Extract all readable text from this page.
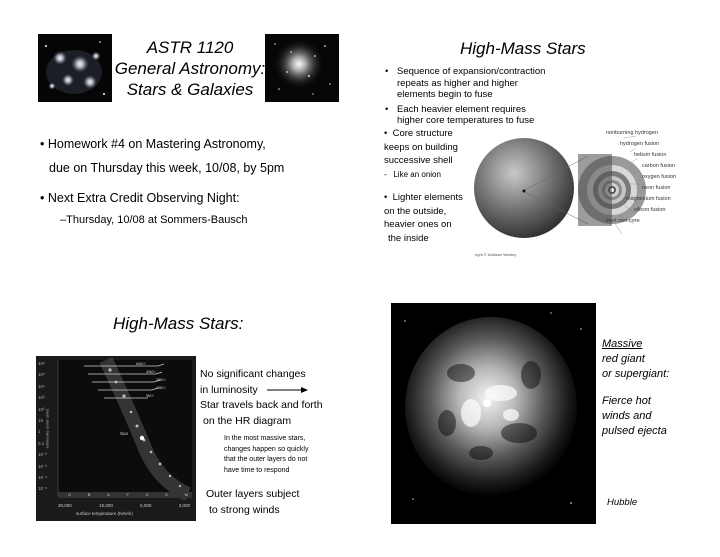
ASTR 1120
General Astronomy:
Stars & Galaxies
• Homework #4 on Mastering Astronomy,
due on Thursday this week, 10/08, by 5pm
• Next Extra Credit Observing Night:
–Thursday, 10/08 at Sommers-Bausch
High-Mass Stars
• Sequence of expansion/contraction
repeats as higher and higher
elements begin to fuse
• Each heavier element requires
higher core temperatures to fuse
•  Core structure
keeps on building
successive shell
-   Like an onion
•  Lighter elements
on the outside,
heavier ones on
the inside
nonburning hydrogen
hydrogen fusion
helium fusion
carbon fusion
oxygen fusion
neon fusion
magnesium fusion
silicon fusion
inert iron core
right © Addison Wesley
High-Mass Stars:
10⁶
10⁵
10⁴
10³
10²
10
1
0.1
10⁻²
10⁻³
10⁻⁴
10⁻⁵
luminosity (solar units)
60M☉
40M☉
25M☉
15M☉
9M☉
Sun
O	B	A	F	G	K	M
30,000	10,000	6,000	3,000
surface temperature (Kelvin)
No significant changes
in luminosity
Star travels back and forth
on the HR diagram
In the most massive stars,
changes happen so quickly
that the outer layers do not
have time to respond
Outer layers subject
to strong winds
Massive
red giant
or supergiant:
Fierce hot
winds and
pulsed ejecta
Hubble
